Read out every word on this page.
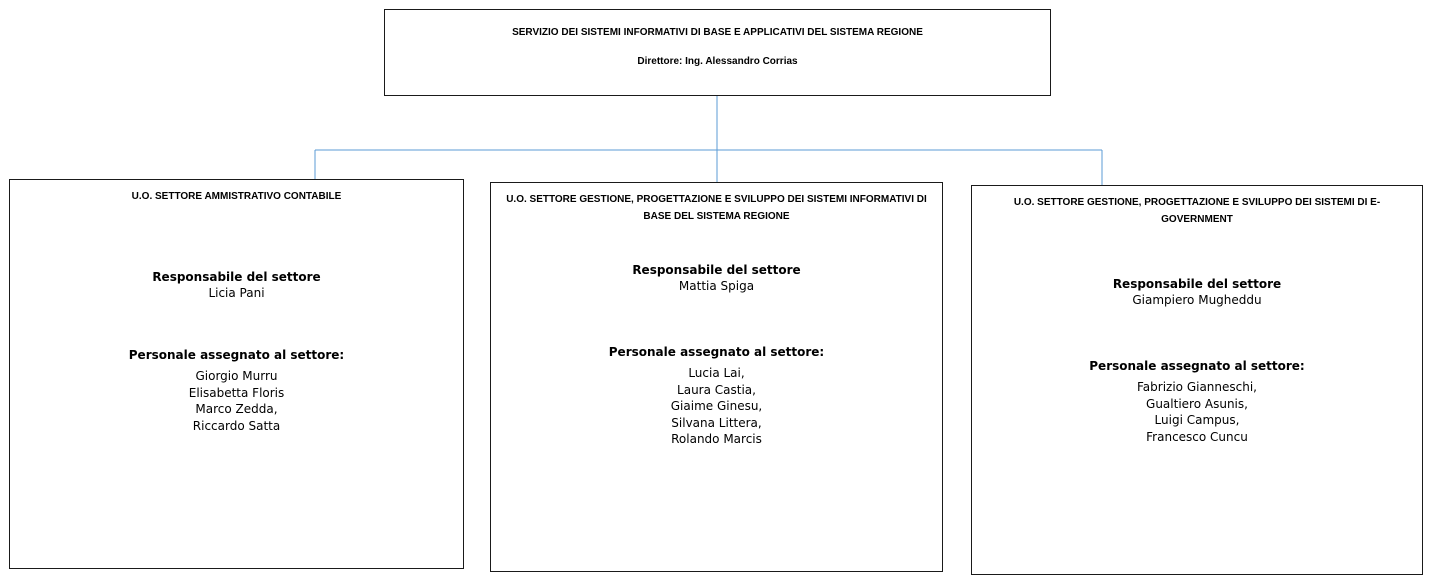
SERVIZIO DEI SISTEMI INFORMATIVI DI BASE E APPLICATIVI DEL SISTEMA REGIONE
Direttore: Ing. Alessandro Corrias
U.O. SETTORE AMMISTRATIVO CONTABILE
Responsabile del settore
Licia Pani
Personale assegnato al settore:
Giorgio Murru
Elisabetta Floris
Marco Zedda,
Riccardo Satta
U.O. SETTORE GESTIONE, PROGETTAZIONE E SVILUPPO DEI SISTEMI INFORMATIVI DI BASE DEL SISTEMA REGIONE
Responsabile del settore
Mattia Spiga
Personale assegnato al settore:
Lucia Lai,
Laura Castia,
Giaime Ginesu,
Silvana Littera,
Rolando Marcis
U.O. SETTORE GESTIONE, PROGETTAZIONE E SVILUPPO DEI SISTEMI DI E-GOVERNMENT
Responsabile del settore
Giampiero Mugheddu
Personale assegnato al settore:
Fabrizio Gianneschi,
Gualtiero Asunis,
Luigi Campus,
Francesco Cuncu
